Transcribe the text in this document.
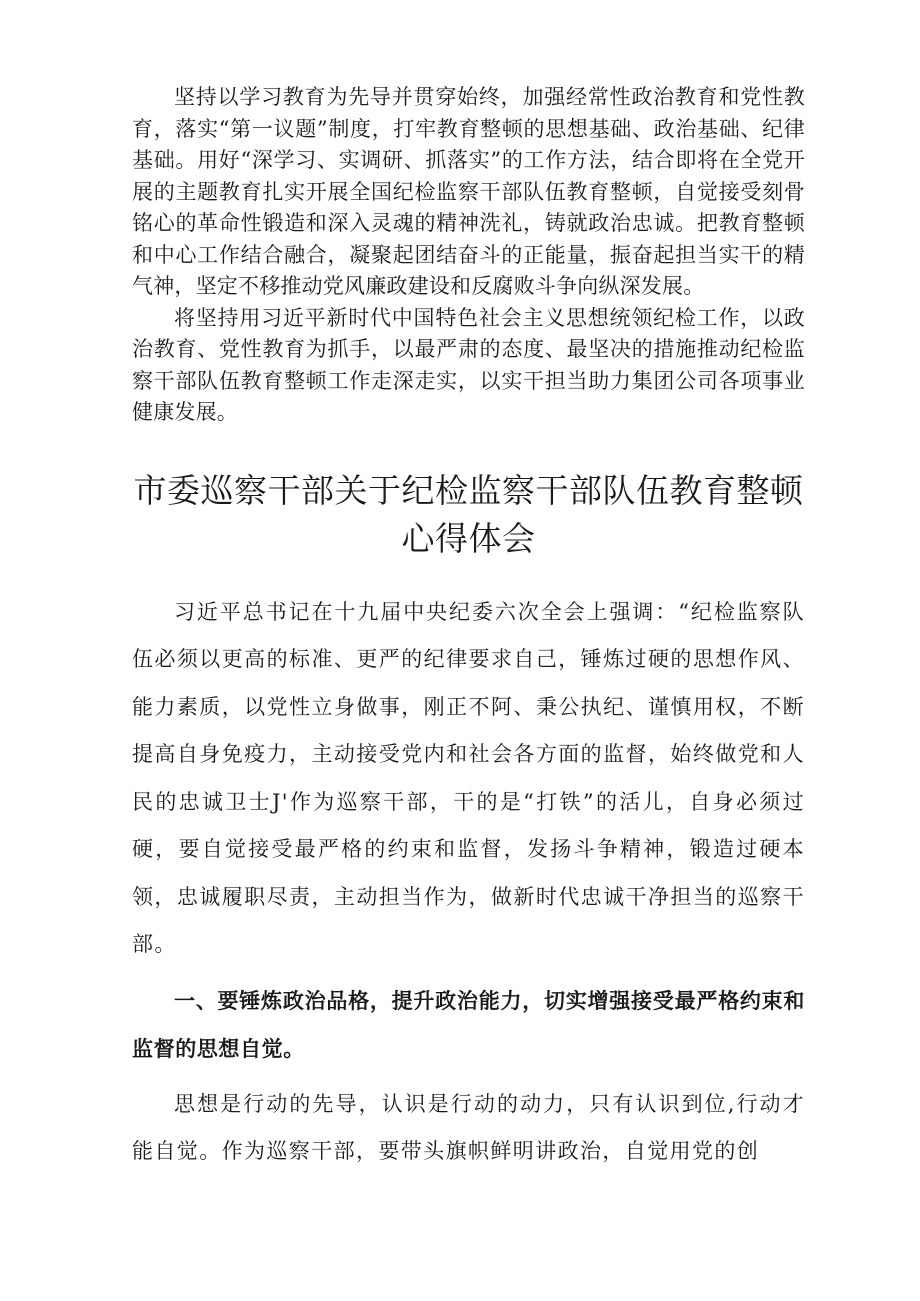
坚持以学习教育为先导并贯穿始终，加强经常性政治教育和党性教育，落实“第一议题”制度，打牢教育整顿的思想基础、政治基础、纪律基础。用好“深学习、实调研、抓落实”的工作方法，结合即将在全党开展的主题教育扎实开展全国纪检监察干部队伍教育整顿，自觉接受刻骨铭心的革命性锻造和深入灵魂的精神洗礼，铸就政治忠诚。把教育整顿和中心工作结合融合，凝聚起团结奋斗的正能量，振奋起担当实干的精气神，坚定不移推动党风廉政建设和反腐败斗争向纵深发展。

将坚持用习近平新时代中国特色社会主义思想统领纪检工作，以政治教育、党性教育为抓手，以最严肃的态度、最坚决的措施推动纪检监察干部队伍教育整顿工作走深走实，以实干担当助力集团公司各项事业健康发展。

市委巡察干部关于纪检监察干部队伍教育整顿心得体会

习近平总书记在十九届中央纪委六次全会上强调：“纪检监察队伍必须以更高的标准、更严的纪律要求自己，锤炼过硬的思想作风、能力素质，以党性立身做事，刚正不阿、秉公执纪、谨慎用权，不断提高自身免疫力，主动接受党内和社会各方面的监督，始终做党和人民的忠诚卫士J'作为巡察干部，干的是“打铁”的活儿，自身必须过硬，要自觉接受最严格的约束和监督，发扬斗争精神，锻造过硬本领，忠诚履职尽责，主动担当作为，做新时代忠诚干净担当的巡察干部。

一、要锤炼政治品格，提升政治能力，切实增强接受最严格约束和监督的思想自觉。

思想是行动的先导，认识是行动的动力，只有认识到位,行动才能自觉。作为巡察干部，要带头旗帜鲜明讲政治，自觉用党的创
